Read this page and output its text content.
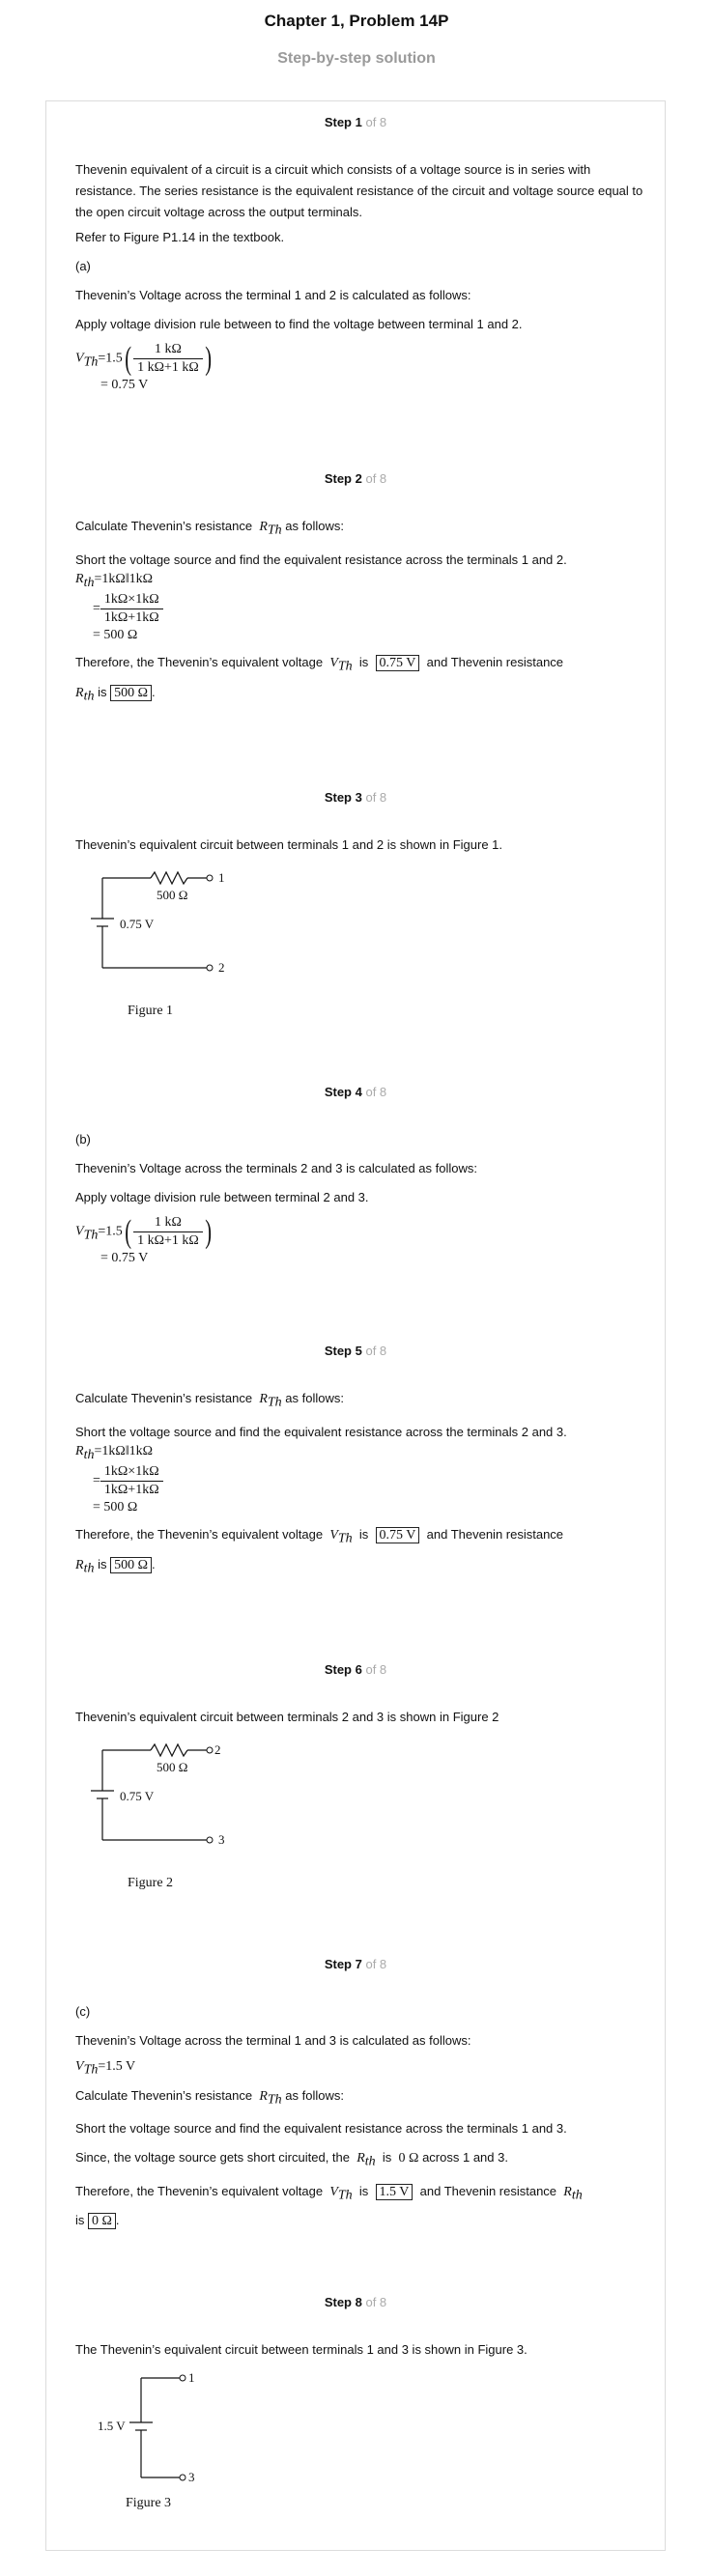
Chapter 1, Problem 14P
Step-by-step solution
Step 1 of 8

Thevenin equivalent of a circuit is a circuit which consists of a voltage source is in series with resistance. The series resistance is the equivalent resistance of the circuit and voltage source equal to the open circuit voltage across the output terminals.

Refer to Figure P1.14 in the textbook.

(a)

Thevenin’s Voltage across the terminal 1 and 2 is calculated as follows:

Apply voltage division rule between to find the voltage between terminal 1 and 2.

$V_{Th}=1.5( \frac{1 k\Omega}{1 k\Omega+1 k\Omega}$ )
= 0.75 V
Step 2 of 8

Calculate Thevenin’s resistance $R_{Th}$ as follows:

Short the voltage source and find the equivalent resistance across the terminals 1 and 2.

$R_{th}=1k\Omega‖1k\Omega$
= $\frac{1k\Omega\times 1k\Omega}{1k\Omega+1k\Omega}$
= 500 Ω

Therefore, the Thevenin’s equivalent voltage $V_{Th}$ is 0.75 V and Thevenin resistance
$R_{th}$ is 500 Ω .

Step 3 of 8

Thevenin’s equivalent circuit between terminals 1 and 2 is shown in Figure 1.

500 Ω
0.75 V
1
2
Figure 1
Step 4 of 8

(b)

Thevenin’s Voltage across the terminals 2 and 3 is calculated as follows:

Apply voltage division rule between terminal 2 and 3.

$V_{Th}=1.5( \frac{1 k\Omega}{1 k\Omega+1 k\Omega}$ )
= 0.75 V
Step 5 of 8

Calculate Thevenin’s resistance $R_{Th}$ as follows:

Short the voltage source and find the equivalent resistance across the terminals 2 and 3.

$R_{th}=1k\Omega‖1k\Omega$
= $\frac{1k\Omega\times 1k\Omega}{1k\Omega+1k\Omega}$
= 500 Ω

Therefore, the Thevenin’s equivalent voltage $V_{Th}$ is 0.75 V and Thevenin resistance
$R_{th}$ is 500 Ω .

Step 6 of 8

Thevenin’s equivalent circuit between terminals 2 and 3 is shown in Figure 2

500 Ω
0.75 V
2
3
Figure 2
Step 7 of 8

(c)

Thevenin’s Voltage across the terminal 1 and 3 is calculated as follows:

$V_{Th}=1.5$ V

Calculate Thevenin’s resistance $R_{Th}$ as follows:

Short the voltage source and find the equivalent resistance across the terminals 1 and 3.

Since, the voltage source gets short circuited, the $R_{th}$ is 0 Ω across 1 and 3.

Therefore, the Thevenin’s equivalent voltage $V_{Th}$ is 1.5 V and Thevenin resistance $R_{th}$
is 0 Ω .

Step 8 of 8

The Thevenin’s equivalent circuit between terminals 1 and 3 is shown in Figure 3.

1.5 V
1
3
Figure 3
